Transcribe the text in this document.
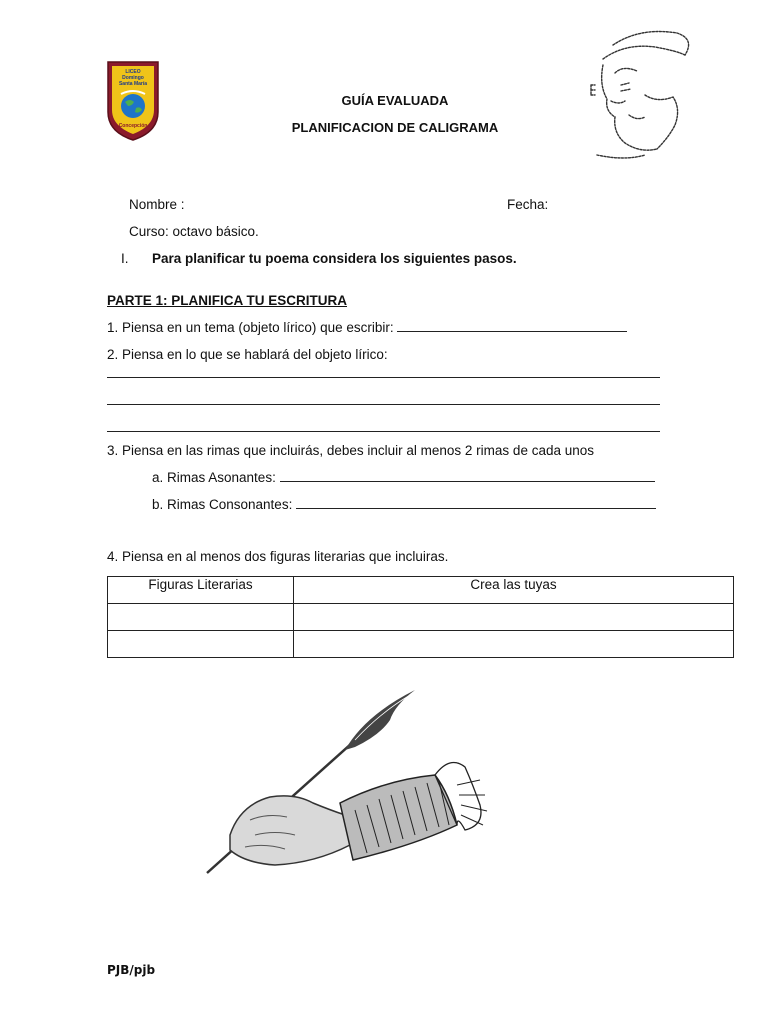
LICEO
Domingo
Santa María
Concepción
GUÍA EVALUADA
PLANIFICACION DE CALIGRAMA
Nombre :	Fecha:
Curso: octavo básico.
I. Para planificar tu poema considera los siguientes pasos.
PARTE 1: PLANIFICA TU ESCRITURA
1. Piensa en un tema (objeto lírico) que escribir:
2. Piensa en lo que se hablará del objeto lírico:
3. Piensa en las rimas que incluirás, debes incluir al menos 2 rimas de cada unos
a. Rimas Asonantes:
b. Rimas Consonantes:
4. Piensa en al menos dos figuras literarias que incluiras.
Figuras Literarias	Crea las tuyas

PJB/pjb
